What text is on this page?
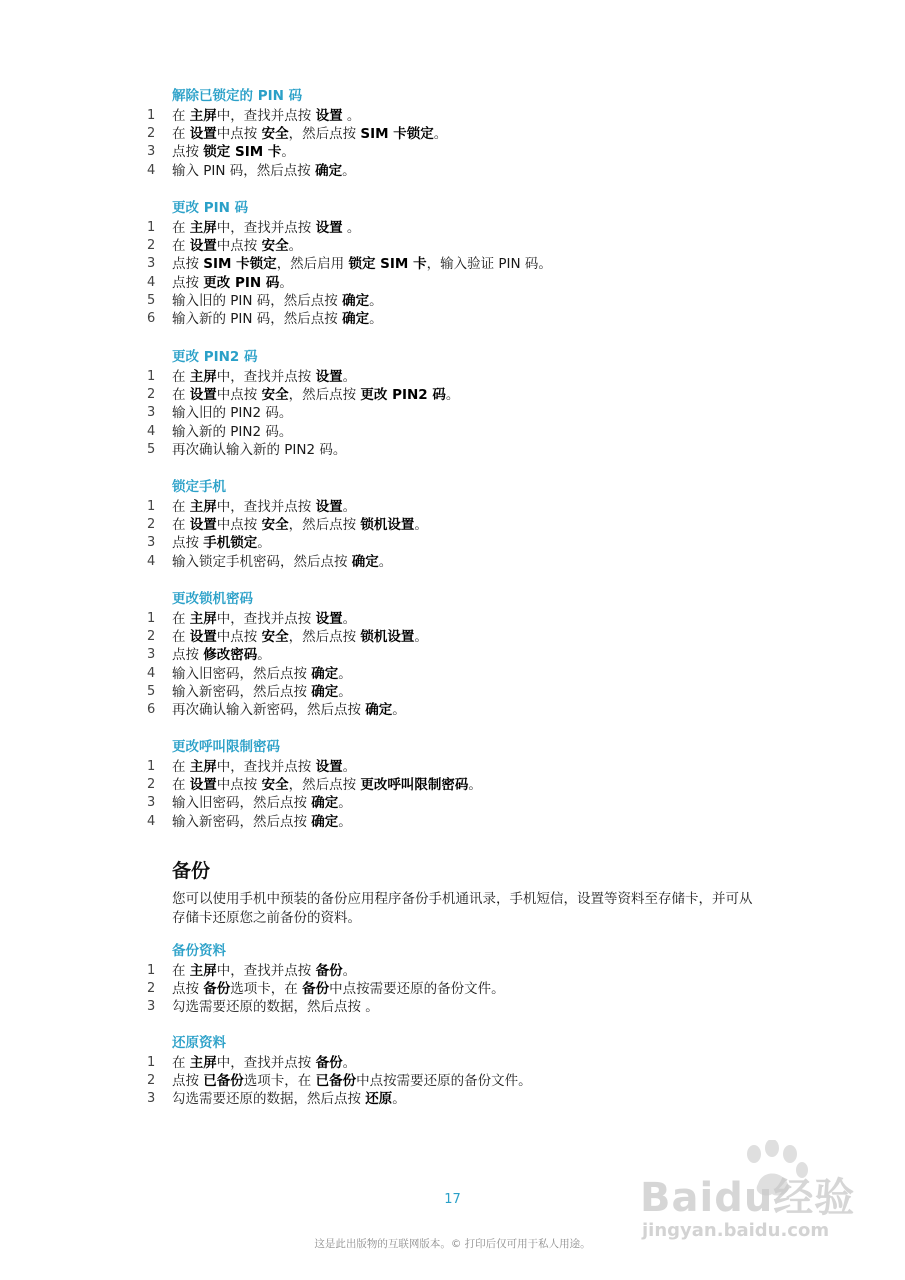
解除已锁定的 PIN 码
1 在 主屏中，查找并点按 设置 。
2 在 设置中点按 安全，然后点按 SIM 卡锁定。
3 点按 锁定 SIM 卡。
4 输入 PIN 码，然后点按 确定。
更改 PIN 码
1 在 主屏中，查找并点按 设置 。
2 在 设置中点按 安全。
3 点按 SIM 卡锁定，然后启用 锁定 SIM 卡，输入验证 PIN 码。
4 点按 更改 PIN 码。
5 输入旧的 PIN 码，然后点按 确定。
6 输入新的 PIN 码，然后点按 确定。
更改 PIN2 码
1 在 主屏中，查找并点按 设置。
2 在 设置中点按 安全，然后点按 更改 PIN2 码。
3 输入旧的 PIN2 码。
4 输入新的 PIN2 码。
5 再次确认输入新的 PIN2 码。
锁定手机
1 在 主屏中，查找并点按 设置。
2 在 设置中点按 安全，然后点按 锁机设置。
3 点按 手机锁定。
4 输入锁定手机密码，然后点按 确定。
更改锁机密码
1 在 主屏中，查找并点按 设置。
2 在 设置中点按 安全，然后点按 锁机设置。
3 点按 修改密码。
4 输入旧密码，然后点按 确定。
5 输入新密码，然后点按 确定。
6 再次确认输入新密码，然后点按 确定。
更改呼叫限制密码
1 在 主屏中，查找并点按 设置。
2 在 设置中点按 安全，然后点按 更改呼叫限制密码。
3 输入旧密码，然后点按 确定。
4 输入新密码，然后点按 确定。
备份
您可以使用手机中预装的备份应用程序备份手机通讯录，手机短信，设置等资料至存储卡，并可从存储卡还原您之前备份的资料。
备份资料
1 在 主屏中，查找并点按 备份。
2 点按 备份选项卡，在 备份中点按需要还原的备份文件。
3 勾选需要还原的数据，然后点按 。
还原资料
1 在 主屏中，查找并点按 备份。
2 点按 已备份选项卡，在 已备份中点按需要还原的备份文件。
3 勾选需要还原的数据，然后点按 还原。
17
这是此出版物的互联网版本。© 打印后仅可用于私人用途。
Baidu经验
jingyan.baidu.com
